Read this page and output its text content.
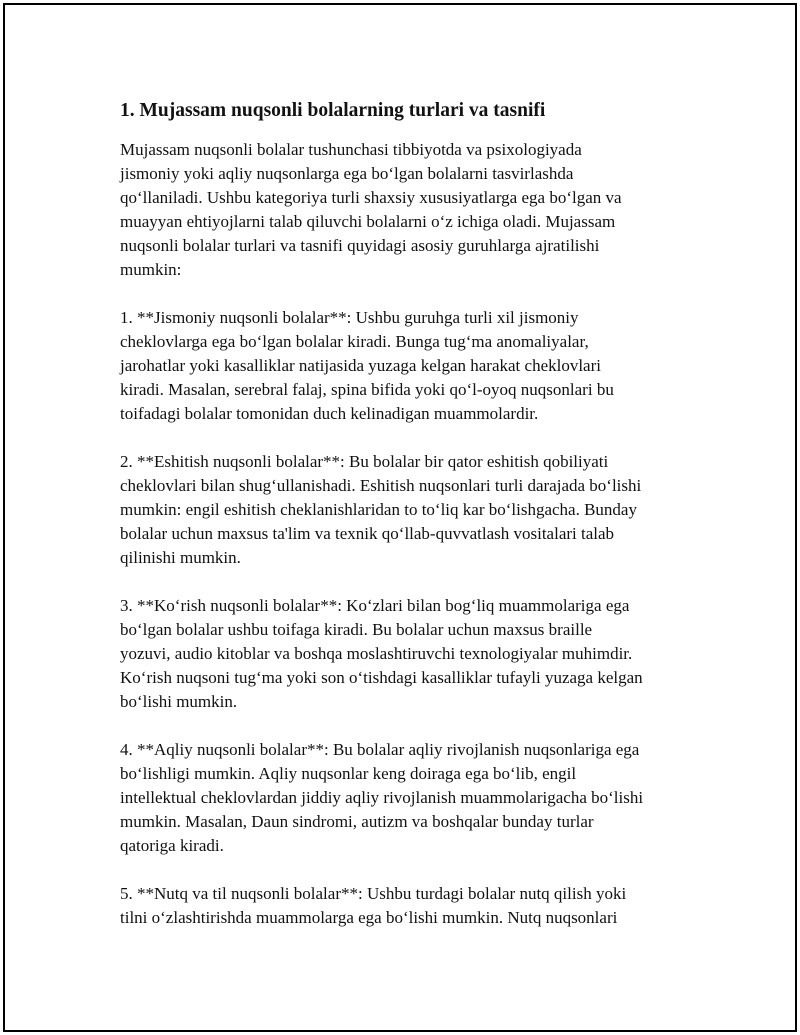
1. Mujassam nuqsonli bolalarning turlari va tasnifi

Mujassam nuqsonli bolalar tushunchasi tibbiyotda va psixologiyada
jismoniy yoki aqliy nuqsonlarga ega boʻlgan bolalarni tasvirlashda
qoʻllaniladi. Ushbu kategoriya turli shaxsiy xususiyatlarga ega boʻlgan va
muayyan ehtiyojlarni talab qiluvchi bolalarni oʻz ichiga oladi. Mujassam
nuqsonli bolalar turlari va tasnifi quyidagi asosiy guruhlarga ajratilishi
mumkin:

1. **Jismoniy nuqsonli bolalar**: Ushbu guruhga turli xil jismoniy
cheklovlarga ega boʻlgan bolalar kiradi. Bunga tugʻma anomaliyalar,
jarohatlar yoki kasalliklar natijasida yuzaga kelgan harakat cheklovlari
kiradi. Masalan, serebral falaj, spina bifida yoki qoʻl-oyoq nuqsonlari bu
toifadagi bolalar tomonidan duch kelinadigan muammolardir.

2. **Eshitish nuqsonli bolalar**: Bu bolalar bir qator eshitish qobiliyati
cheklovlari bilan shugʻullanishadi. Eshitish nuqsonlari turli darajada boʻlishi
mumkin: engil eshitish cheklanishlaridan to toʻliq kar boʻlishgacha. Bunday
bolalar uchun maxsus ta'lim va texnik qoʻllab-quvvatlash vositalari talab
qilinishi mumkin.

3. **Koʻrish nuqsonli bolalar**: Koʻzlari bilan bogʻliq muammolariga ega
boʻlgan bolalar ushbu toifaga kiradi. Bu bolalar uchun maxsus braille
yozuvi, audio kitoblar va boshqa moslashtiruvchi texnologiyalar muhimdir.
Koʻrish nuqsoni tugʻma yoki son oʻtishdagi kasalliklar tufayli yuzaga kelgan
boʻlishi mumkin.

4. **Aqliy nuqsonli bolalar**: Bu bolalar aqliy rivojlanish nuqsonlariga ega
boʻlishligi mumkin. Aqliy nuqsonlar keng doiraga ega boʻlib, engil
intellektual cheklovlardan jiddiy aqliy rivojlanish muammolarigacha boʻlishi
mumkin. Masalan, Daun sindromi, autizm va boshqalar bunday turlar
qatoriga kiradi.

5. **Nutq va til nuqsonli bolalar**: Ushbu turdagi bolalar nutq qilish yoki
tilni oʻzlashtirishda muammolarga ega boʻlishi mumkin. Nutq nuqsonlari
